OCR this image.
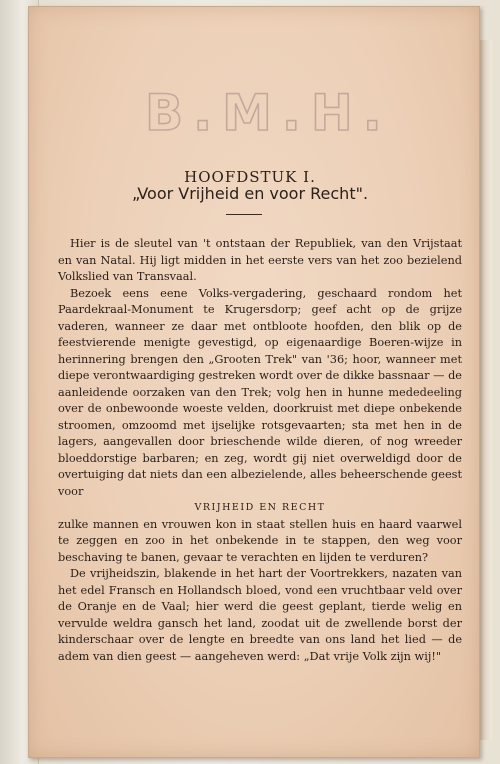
B.M.H.
HOOFDSTUK I.
„Voor Vrijheid en voor Recht".

Hier is de sleutel van 't ontstaan der Republiek, van den Vrijstaat en van Natal. Hij ligt midden in het eerste vers van het zoo bezielend Volkslied van Transvaal.

Bezoek eens eene Volks-vergadering, geschaard rondom het Paardekraal-Monument te Krugersdorp; geef acht op de grijze vaderen, wanneer ze daar met ontbloote hoofden, den blik op de feestvierende menigte gevestigd, op eigenaardige Boeren-wijze in herinnering brengen den „Grooten Trek" van '36; hoor, wanneer met diepe verontwaardiging gestreken wordt over de dikke bassnaar — de aanleidende oorzaken van den Trek; volg hen in hunne mededeeling over de onbewoonde woeste velden, doorkruist met diepe onbekende stroomen, omzoomd met ijselijke rotsgevaarten; sta met hen in de lagers, aangevallen door brieschende wilde dieren, of nog wreeder bloeddorstige barbaren; en zeg, wordt gij niet overweldigd door de overtuiging dat niets dan een albezielende, alles beheerschende geest voor

VRIJHEID EN RECHT

zulke mannen en vrouwen kon in staat stellen huis en haard vaarwel te zeggen en zoo in het onbekende in te stappen, den weg voor beschaving te banen, gevaar te verachten en lijden te verduren?

De vrijheidszin, blakende in het hart der Voortrekkers, nazaten van het edel Fransch en Hollandsch bloed, vond een vruchtbaar veld over de Oranje en de Vaal; hier werd die geest geplant, tierde welig en vervulde weldra gansch het land, zoodat uit de zwellende borst der kinderschaar over de lengte en breedte van ons land het lied — de adem van dien geest — aangeheven werd: „Dat vrije Volk zijn wij!"
